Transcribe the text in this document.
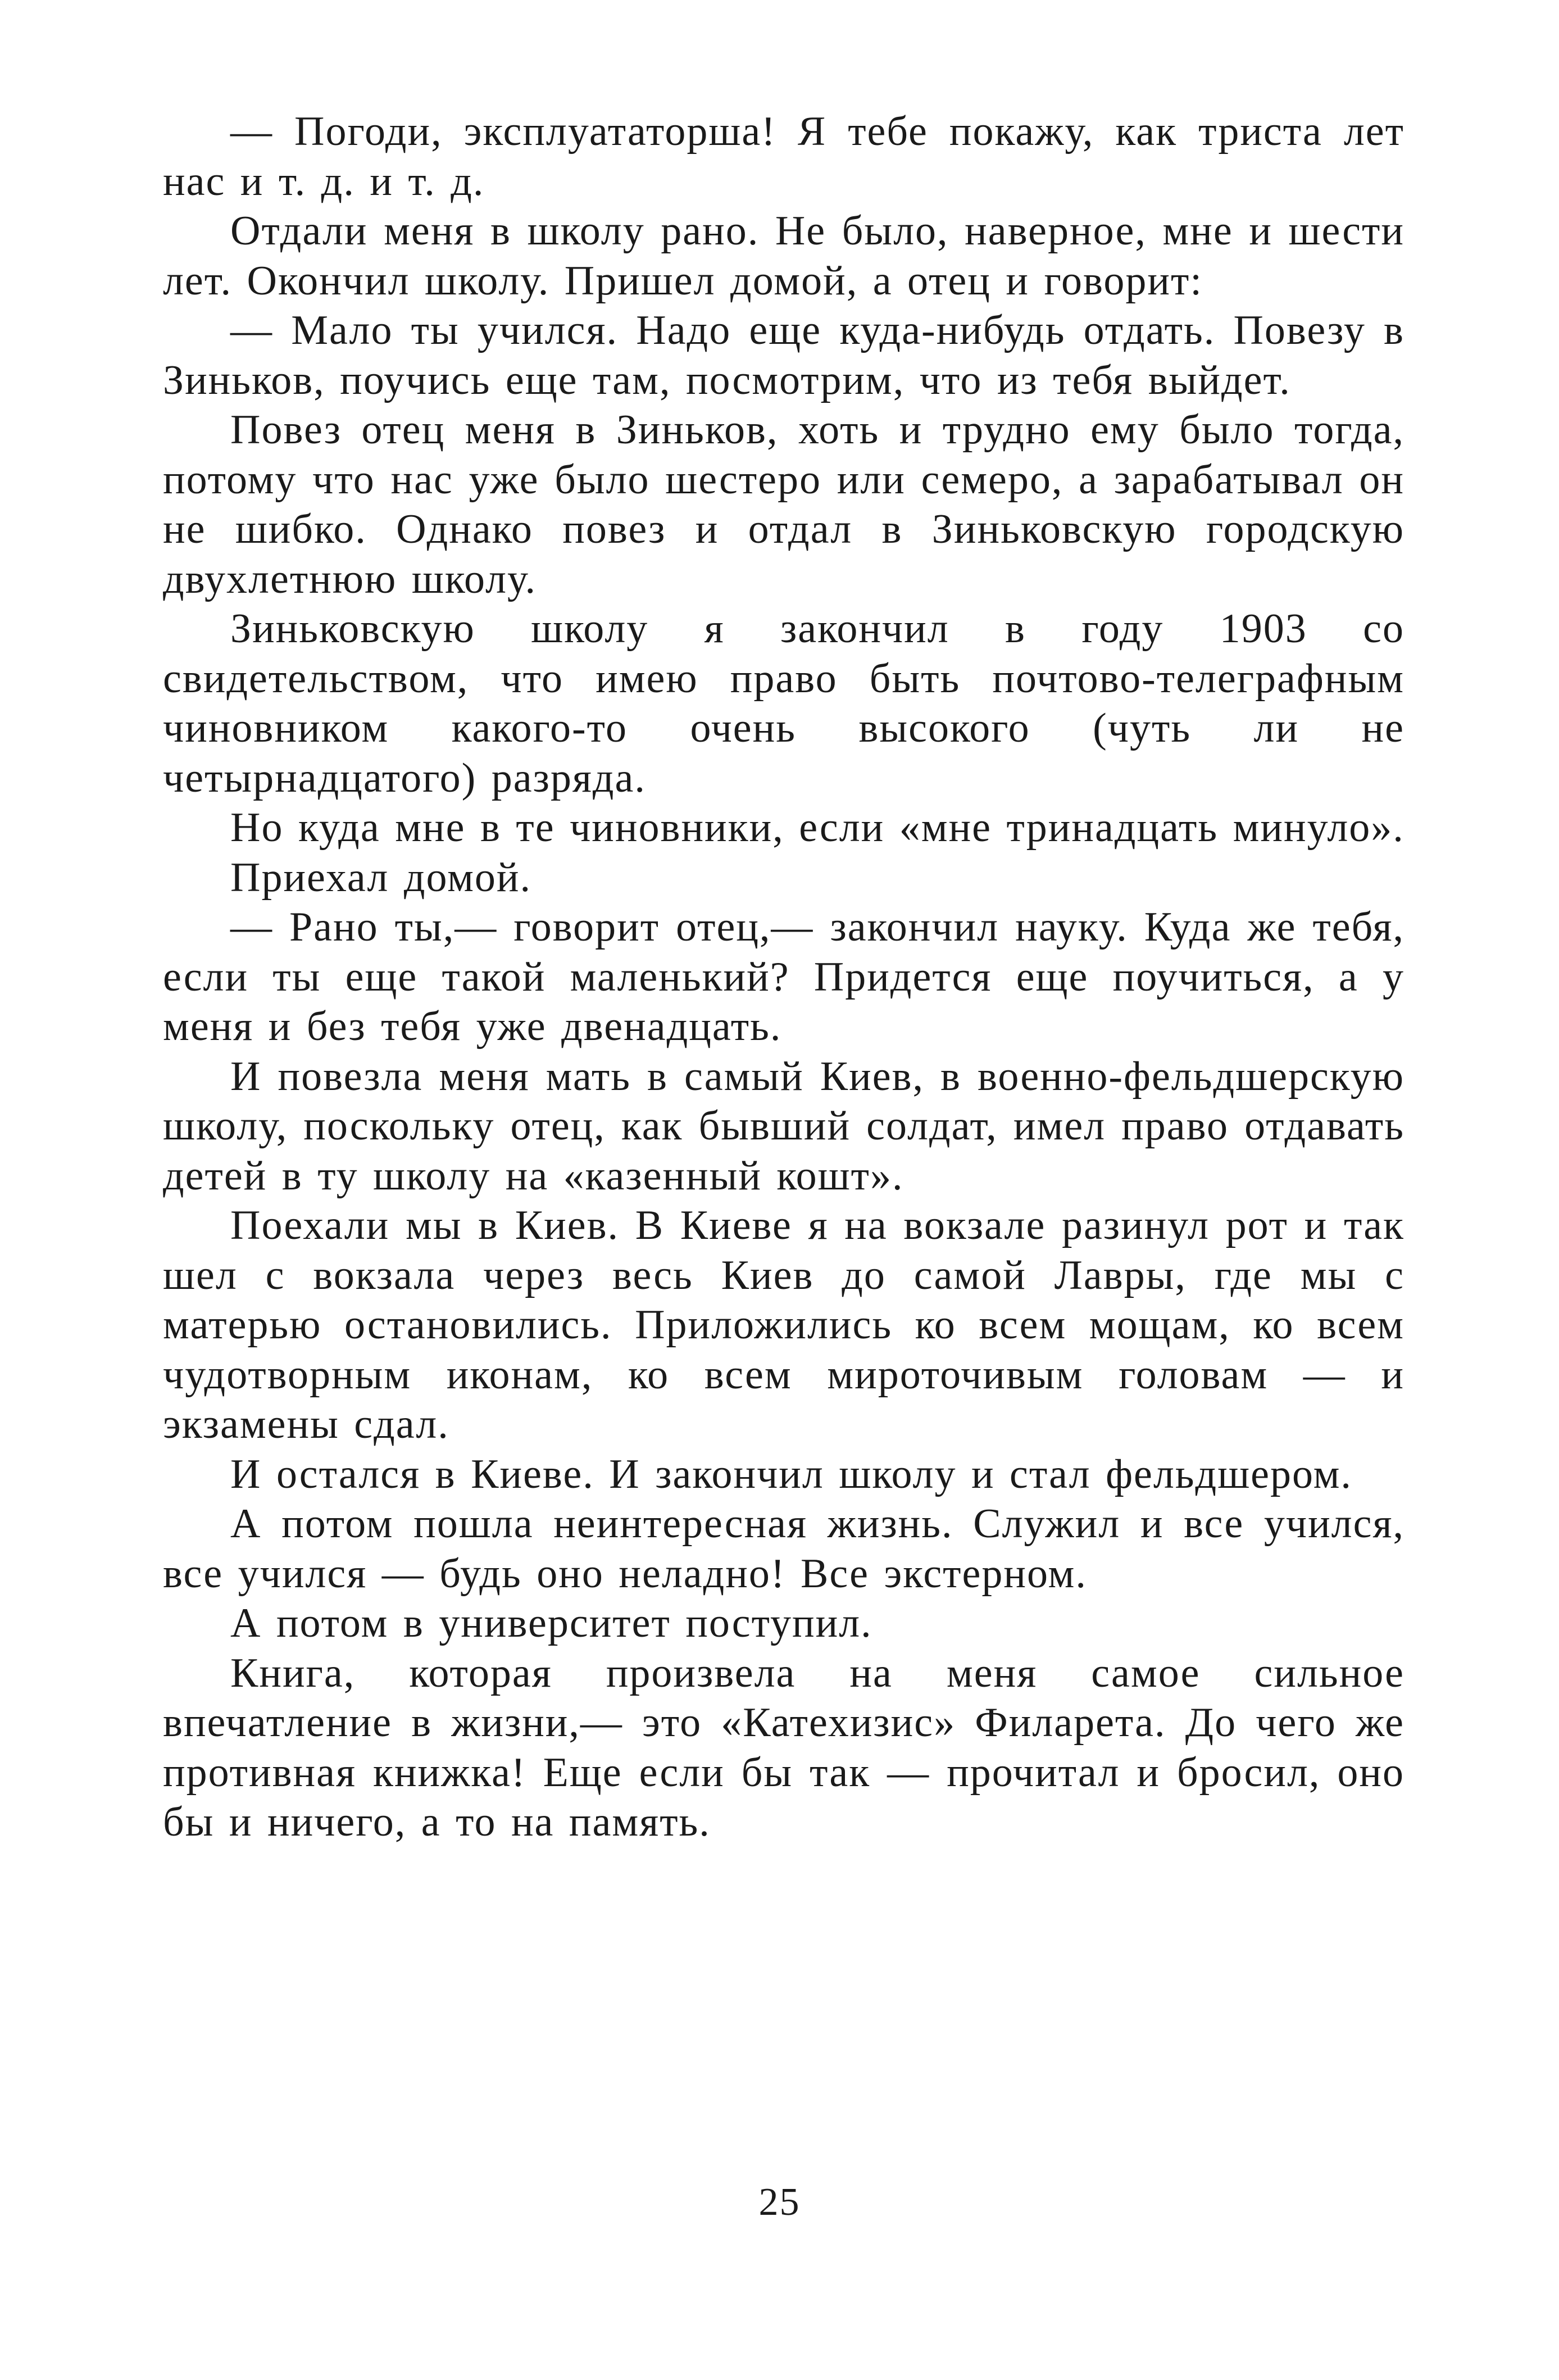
— Погоди, эксплуататорша! Я тебе покажу, как триста лет нас и т. д. и т. д.

Отдали меня в школу рано. Не было, наверное, мне и шести лет. Окончил школу. Пришел домой, а отец и говорит:

— Мало ты учился. Надо еще куда-нибудь отдать. Повезу в Зиньков, поучись еще там, посмотрим, что из тебя выйдет.

Повез отец меня в Зиньков, хоть и трудно ему было тогда, потому что нас уже было шестеро или семеро, а зарабатывал он не шибко. Однако повез и отдал в Зиньковскую городскую двухлетнюю школу.

Зиньковскую школу я закончил в году 1903 со свидетельством, что имею право быть почтово-телеграфным чиновником какого-то очень высокого (чуть ли не четырнадцатого) разряда.

Но куда мне в те чиновники, если «мне тринадцать минуло».

Приехал домой.

— Рано ты,— говорит отец,— закончил науку. Куда же тебя, если ты еще такой маленький? Придется еще поучиться, а у меня и без тебя уже двенадцать.

И повезла меня мать в самый Киев, в военно-фельдшерскую школу, поскольку отец, как бывший солдат, имел право отдавать детей в ту школу на «казенный кошт».

Поехали мы в Киев. В Киеве я на вокзале разинул рот и так шел с вокзала через весь Киев до самой Лавры, где мы с матерью остановились. Приложились ко всем мощам, ко всем чудотворным иконам, ко всем мироточивым головам — и экзамены сдал.

И остался в Киеве. И закончил школу и стал фельдшером.

А потом пошла неинтересная жизнь. Служил и все учился, все учился — будь оно неладно! Все экстерном.

А потом в университет поступил.

Книга, которая произвела на меня самое сильное впечатление в жизни,— это «Катехизис» Филарета. До чего же противная книжка! Еще если бы так — прочитал и бросил, оно бы и ничего, а то на память.

25
